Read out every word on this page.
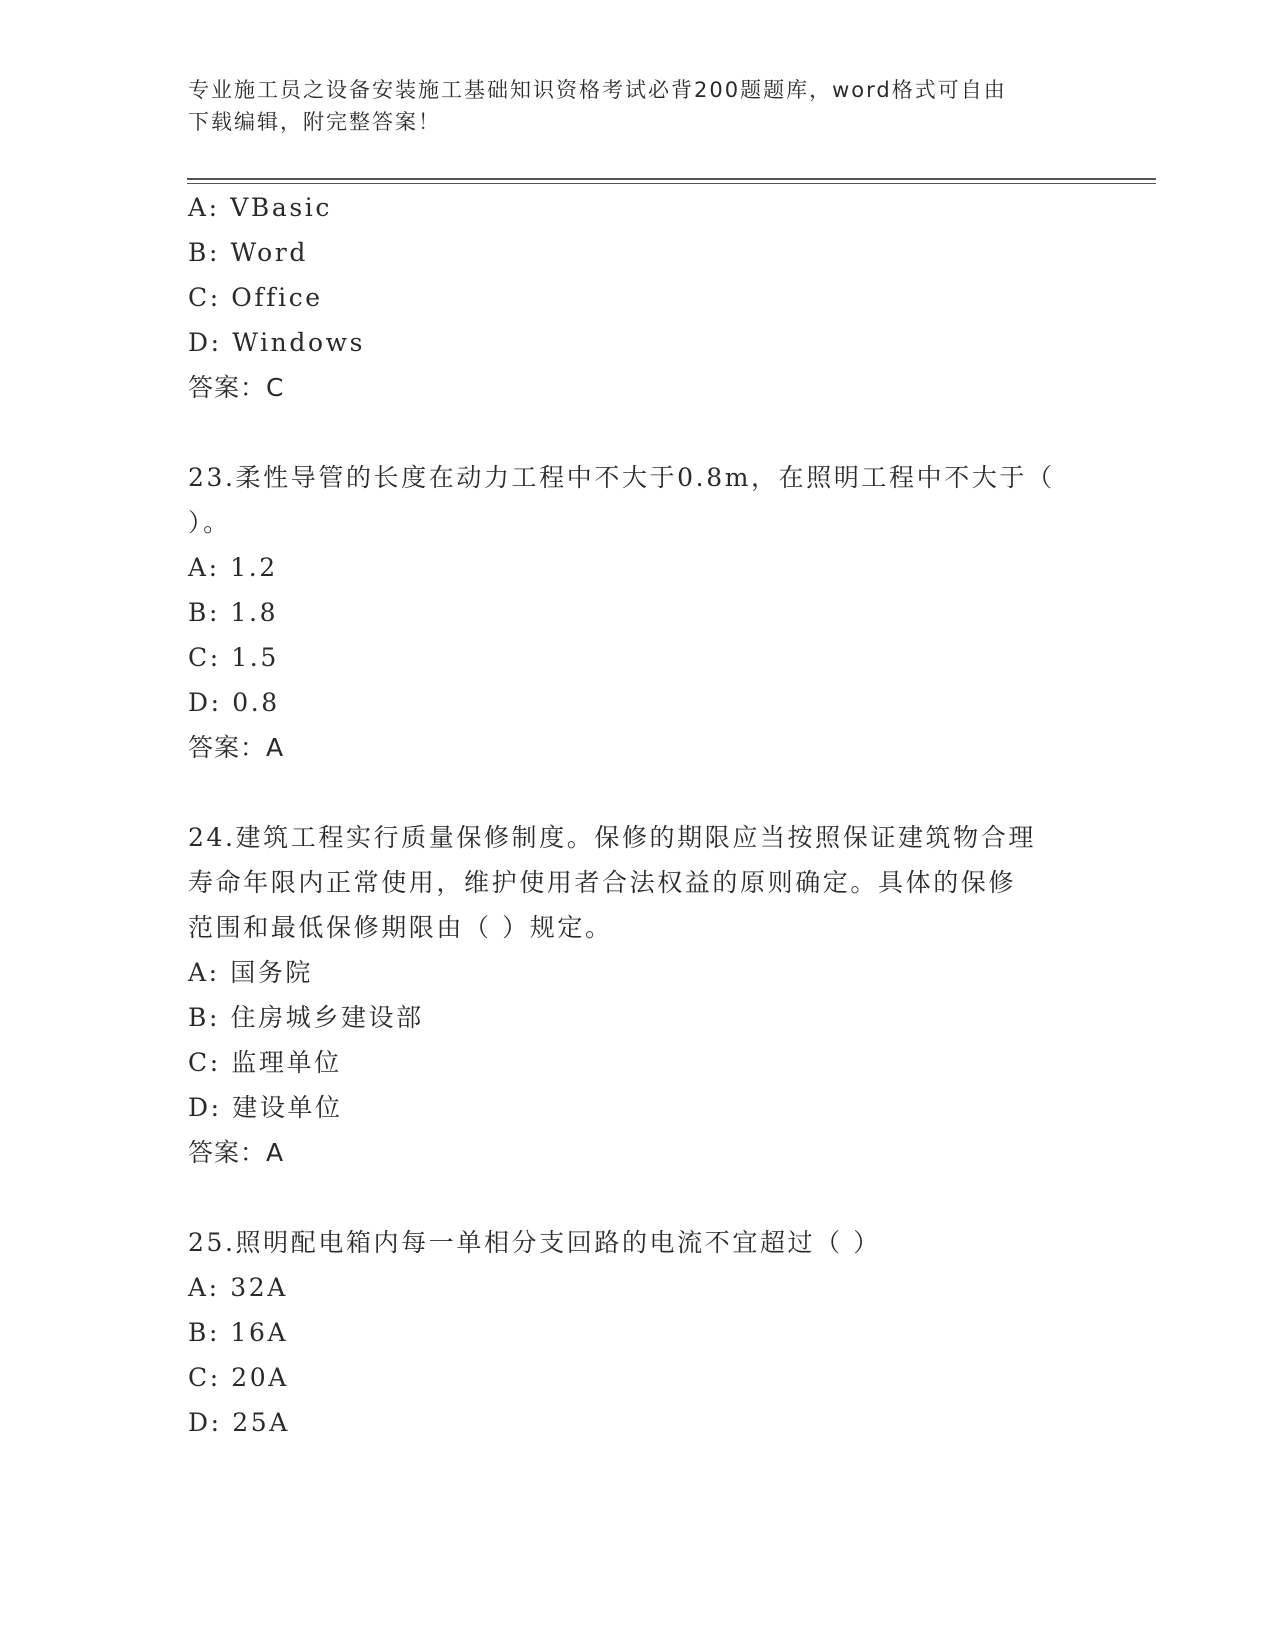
专业施工员之设备安装施工基础知识资格考试必背200题题库，word格式可自由
下载编辑，附完整答案！
A: VBasic
B: Word
C: Office
D: Windows
答案：C
23.柔性导管的长度在动力工程中不大于0.8m，在照明工程中不大于（
）。
A: 1.2
B: 1.8
C: 1.5
D: 0.8
答案：A
24.建筑工程实行质量保修制度。保修的期限应当按照保证建筑物合理
寿命年限内正常使用，维护使用者合法权益的原则确定。具体的保修
范围和最低保修期限由（ ）规定。
A: 国务院
B: 住房城乡建设部
C: 监理单位
D: 建设单位
答案：A
25.照明配电箱内每一单相分支回路的电流不宜超过（ ）
A: 32A
B: 16A
C: 20A
D: 25A
